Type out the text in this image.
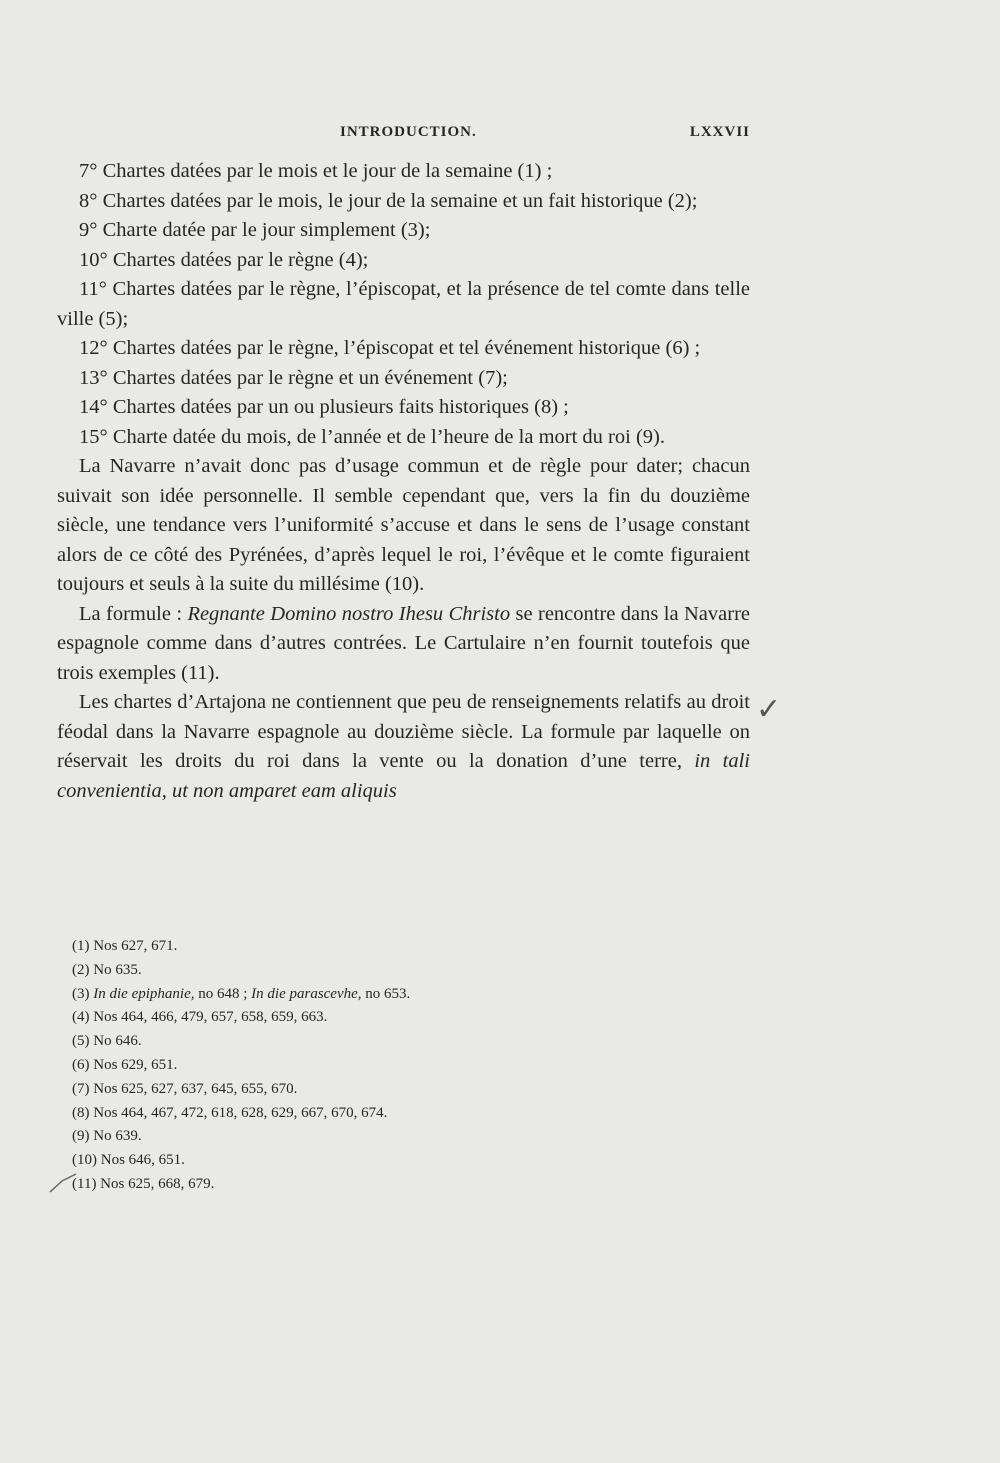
INTRODUCTION.	LXXVII

7° Chartes datées par le mois et le jour de la semaine (1) ;

8° Chartes datées par le mois, le jour de la semaine et un fait historique (2);

9° Charte datée par le jour simplement (3);

10° Chartes datées par le règne (4);

11° Chartes datées par le règne, l’épiscopat, et la présence de tel comte dans telle ville (5);

12° Chartes datées par le règne, l’épiscopat et tel événement historique (6) ;

13° Chartes datées par le règne et un événement (7);

14° Chartes datées par un ou plusieurs faits historiques (8) ;

15° Charte datée du mois, de l’année et de l’heure de la mort du roi (9).

La Navarre n’avait donc pas d’usage commun et de règle pour dater; chacun suivait son idée personnelle. Il semble cependant que, vers la fin du douzième siècle, une tendance vers l’uniformité s’accuse et dans le sens de l’usage constant alors de ce côté des Pyrénées, d’après lequel le roi, l’évêque et le comte figuraient toujours et seuls à la suite du millésime (10).

La formule : Regnante Domino nostro Ihesu Christo se rencontre dans la Navarre espagnole comme dans d’autres contrées. Le Cartulaire n’en fournit toutefois que trois exemples (11).

Les chartes d’Artajona ne contiennent que peu de renseignements relatifs au droit féodal dans la Navarre espagnole au douzième siècle. La formule par laquelle on réservait les droits du roi dans la vente ou la donation d’une terre, in tali convenientia, ut non amparet eam aliquis

✓
(1) Nos 627, 671.
(2) No 635.
(3) In die epiphanie, no 648 ; In die parascevhe, no 653.
(4) Nos 464, 466, 479, 657, 658, 659, 663.
(5) No 646.
(6) Nos 629, 651.
(7) Nos 625, 627, 637, 645, 655, 670.
(8) Nos 464, 467, 472, 618, 628, 629, 667, 670, 674.
(9) No 639.
(10) Nos 646, 651.
(11) Nos 625, 668, 679.
